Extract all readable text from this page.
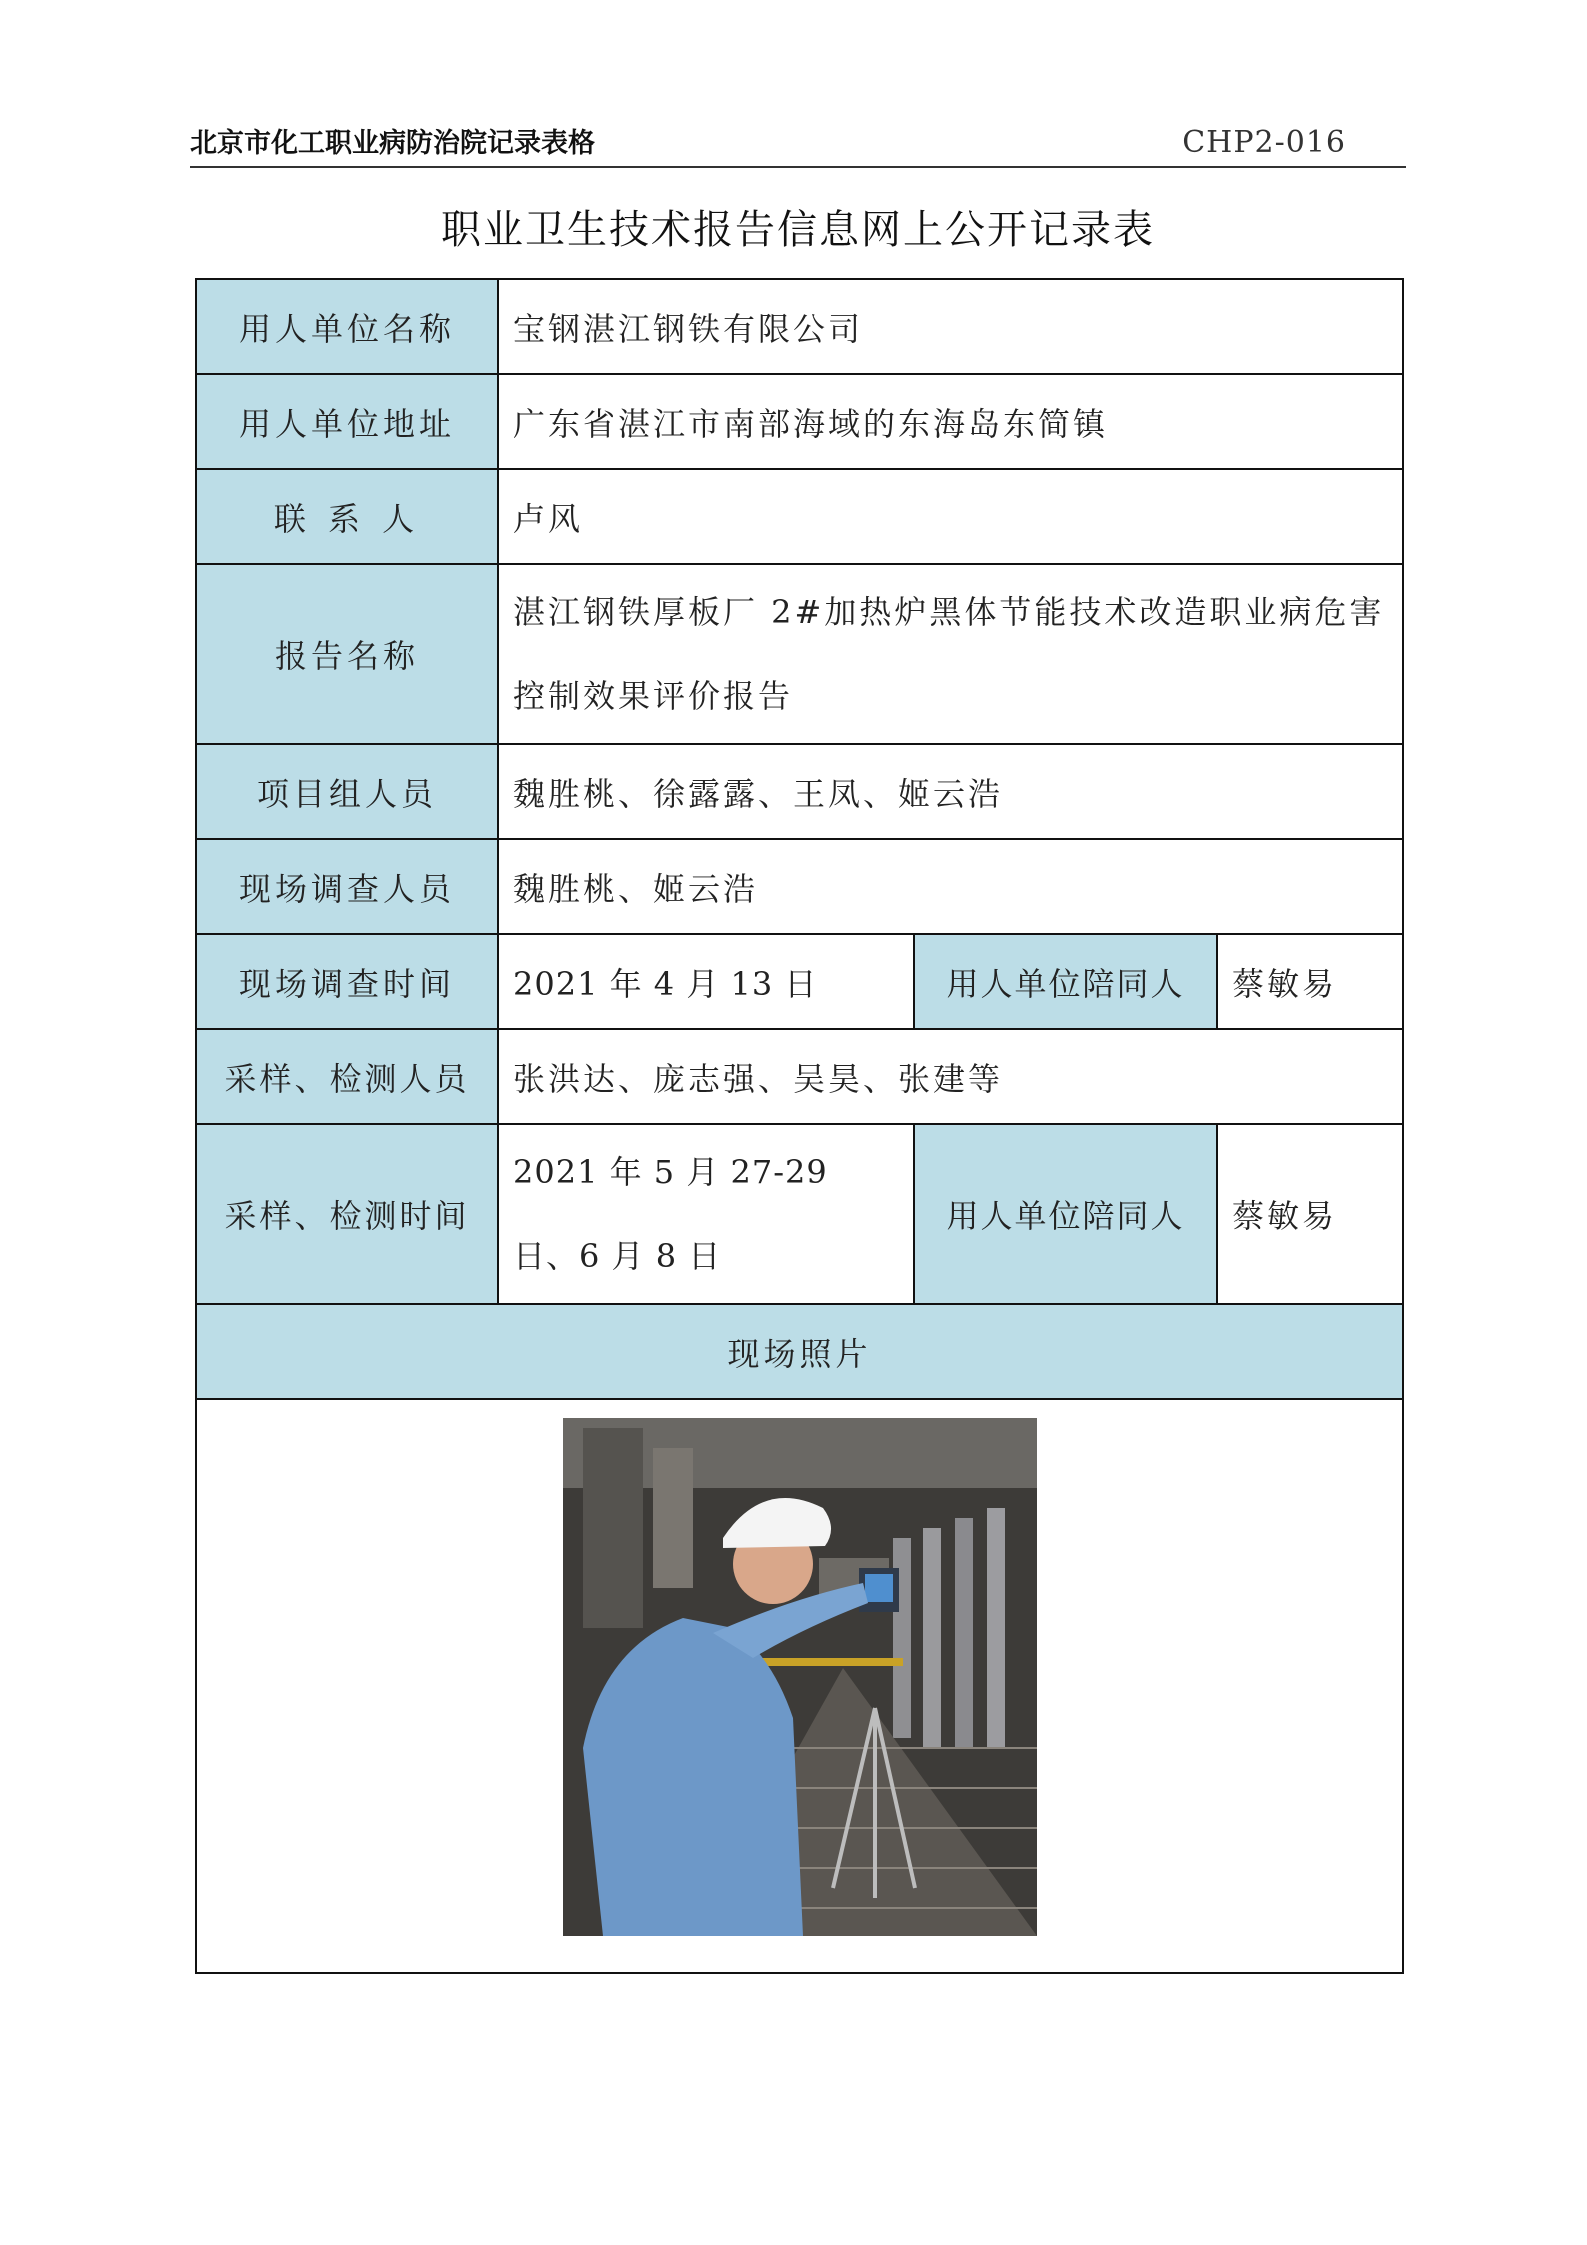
北京市化工职业病防治院记录表格	CHP2-016
职业卫生技术报告信息网上公开记录表
用人单位名称	宝钢湛江钢铁有限公司		
用人单位地址	广东省湛江市南部海域的东海岛东简镇		
联 系 人	卢风		
报告名称	湛江钢铁厚板厂 2#加热炉黑体节能技术改造职业病危害控制效果评价报告		
项目组人员	魏胜桃、徐露露、王凤、姬云浩		
现场调查人员	魏胜桃、姬云浩		
现场调查时间	2021 年 4 月 13 日	用人单位陪同人	蔡敏易
采样、检测人员	张洪达、庞志强、吴昊、张建等		
采样、检测时间	2021 年 5 月 27-29 日、6 月 8 日	用人单位陪同人	蔡敏易
现场照片			
